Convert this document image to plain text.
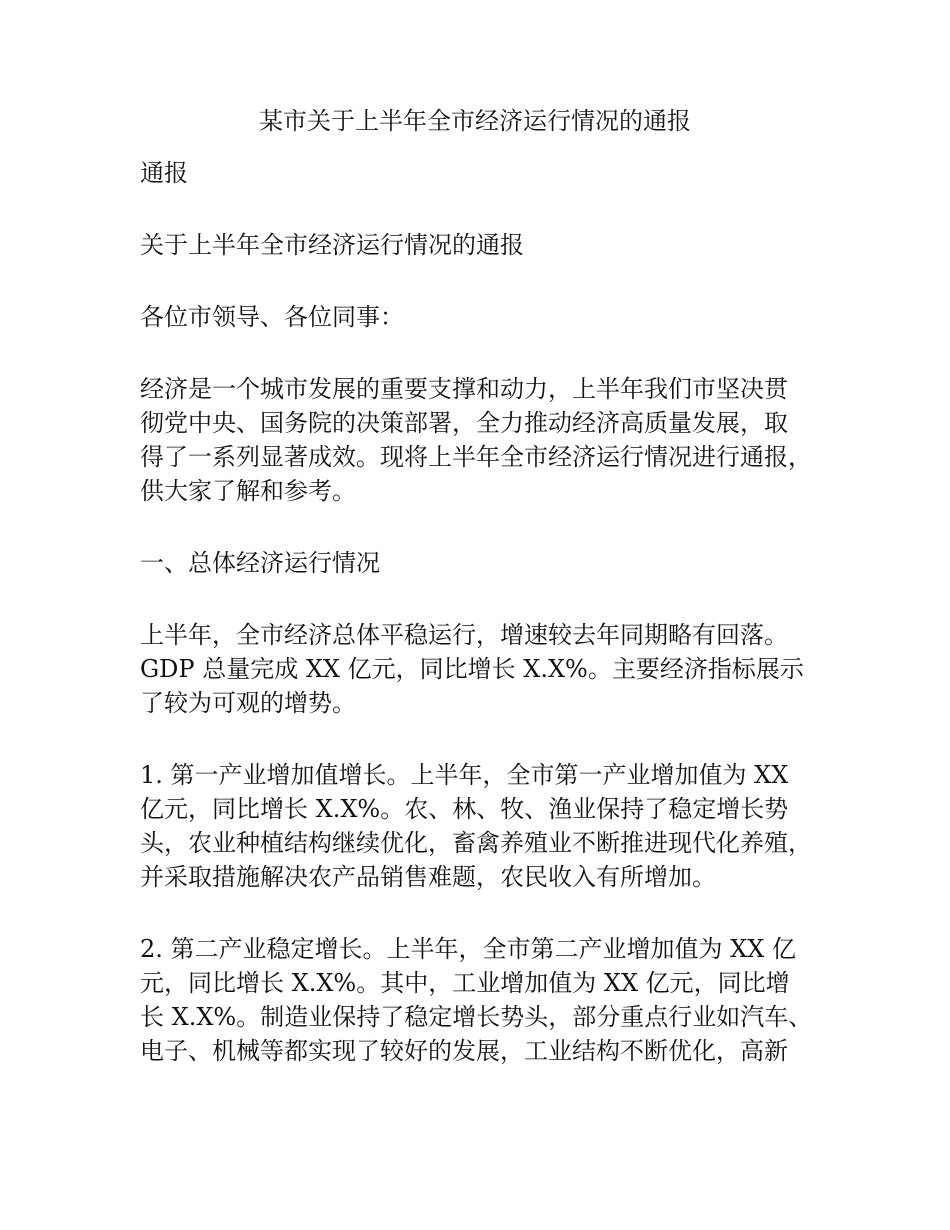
某市关于上半年全市经济运行情况的通报
通报
关于上半年全市经济运行情况的通报
各位市领导、各位同事：
经济是一个城市发展的重要支撑和动力，上半年我们市坚决贯
彻党中央、国务院的决策部署，全力推动经济高质量发展，取
得了一系列显著成效。现将上半年全市经济运行情况进行通报，
供大家了解和参考。
一、总体经济运行情况
上半年，全市经济总体平稳运行，增速较去年同期略有回落。
GDP 总量完成 XX 亿元，同比增长 X.X%。主要经济指标展示
了较为可观的增势。
1. 第一产业增加值增长。上半年，全市第一产业增加值为 XX
亿元，同比增长 X.X%。农、林、牧、渔业保持了稳定增长势
头，农业种植结构继续优化，畜禽养殖业不断推进现代化养殖，
并采取措施解决农产品销售难题，农民收入有所增加。
2. 第二产业稳定增长。上半年，全市第二产业增加值为 XX 亿
元，同比增长 X.X%。其中，工业增加值为 XX 亿元，同比增
长 X.X%。制造业保持了稳定增长势头，部分重点行业如汽车、
电子、机械等都实现了较好的发展，工业结构不断优化，高新
